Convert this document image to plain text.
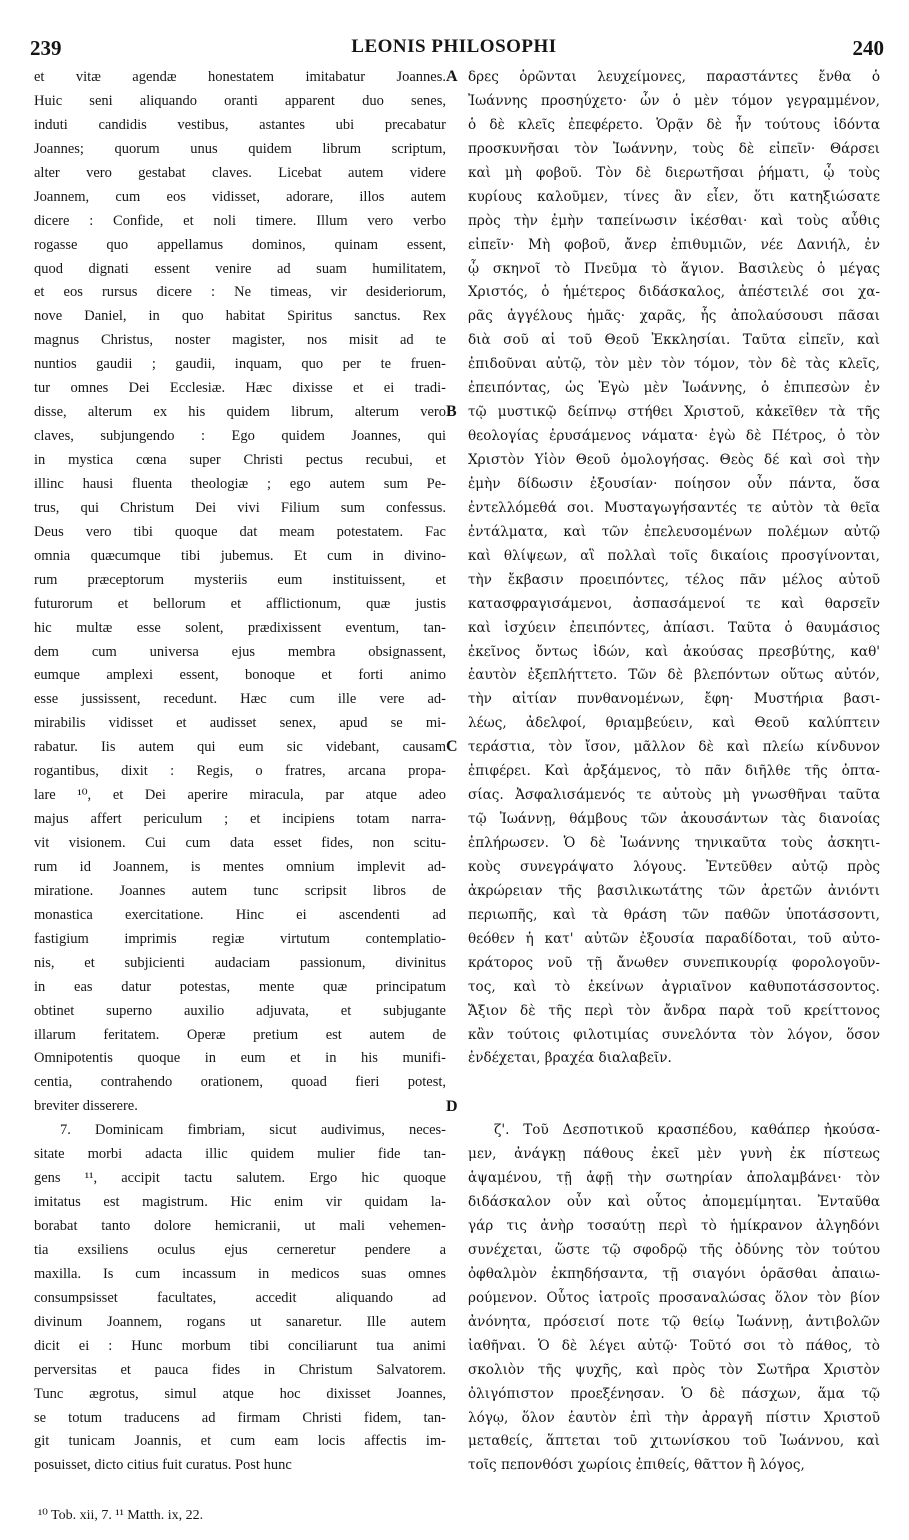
239	LEONIS PHILOSOPHI	240
et vitæ agendæ honestatem imitabatur Joannes.
Huic seni aliquando oranti apparent duo senes,
induti candidis vestibus, astantes ubi precabatur
Joannes; quorum unus quidem librum scriptum,
alter vero gestabat claves. Licebat autem videre
Joannem, cum eos vidisset, adorare, illos autem
dicere : Confide, et noli timere. Illum vero verbo
rogasse quo appellamus dominos, quinam essent,
quod dignati essent venire ad suam humilitatem,
et eos rursus dicere : Ne timeas, vir desideriorum,
nove Daniel, in quo habitat Spiritus sanctus. Rex
magnus Christus, noster magister, nos misit ad te
nuntios gaudii ; gaudii, inquam, quo per te fruen-
tur omnes Dei Ecclesiæ. Hæc dixisse et ei tradi-
disse, alterum ex his quidem librum, alterum vero
claves, subjungendo : Ego quidem Joannes, qui
in mystica cœna super Christi pectus recubui, et
illinc hausi fluenta theologiæ ; ego autem sum Pe-
trus, qui Christum Dei vivi Filium sum confessus.
Deus vero tibi quoque dat meam potestatem. Fac
omnia quæcumque tibi jubemus. Et cum in divino-
rum præceptorum mysteriis eum instituissent, et
futurorum et bellorum et afflictionum, quæ justis
hic multæ esse solent, prædixissent eventum, tan-
dem cum universa ejus membra obsignassent,
eumque amplexi essent, bonoque et forti animo
esse jussissent, recedunt. Hæc cum ille vere ad-
mirabilis vidisset et audisset senex, apud se mi-
rabatur. Iis autem qui eum sic videbant, causam
rogantibus, dixit : Regis, o fratres, arcana propa-
lare ¹⁰, et Dei aperire miracula, par atque adeo
majus affert periculum ; et incipiens totam narra-
vit visionem. Cui cum data esset fides, non scitu-
rum id Joannem, is mentes omnium implevit ad-
miratione. Joannes autem tunc scripsit libros de
monastica exercitatione. Hinc ei ascendenti ad
fastigium imprimis regiæ virtutum contemplatio-
nis, et subjicienti audaciam passionum, divinitus
in eas datur potestas, mente quæ principatum
obtinet superno auxilio adjuvata, et subjugante
illarum feritatem. Operæ pretium est autem de
Omnipotentis quoque in eum et in his munifi-
centia, contrahendo orationem, quoad fieri potest,
breviter disserere.
7. Dominicam fimbriam, sicut audivimus, neces-
sitate morbi adacta illic quidem mulier fide tan-
gens ¹¹, accipit tactu salutem. Ergo hic quoque
imitatus est magistrum. Hic enim vir quidam la-
borabat tanto dolore hemicranii, ut mali vehemen-
tia exsiliens oculus ejus cerneretur pendere a
maxilla. Is cum incassum in medicos suas omnes
consumpsisset facultates, accedit aliquando ad
divinum Joannem, rogans ut sanaretur. Ille autem
dicit ei : Hunc morbum tibi conciliarunt tua animi
perversitas et pauca fides in Christum Salvatorem.
Tunc ægrotus, simul atque hoc dixisset Joannes,
se totum traducens ad firmam Christi fidem, tan-
git tunicam Joannis, et cum eam locis affectis im-
posuisset, dicto citius fuit curatus. Post hunc
δρες ὁρῶνται λευχείμονες, παραστάντες ἔνθα ὁ
Ἰωάννης προσηύχετο· ὧν ὁ μὲν τόμον γεγραμμένον,
ὁ δὲ κλεῖς ἐπεφέρετο. Ὁρᾷν δὲ ἦν τούτους ἰδόντα
προσκυνῆσαι τὸν Ἰωάννην, τοὺς δὲ εἰπεῖν· Θάρσει
καὶ μὴ φοβοῦ. Τὸν δὲ διερωτῆσαι ῥήματι, ᾧ τοὺς
κυρίους καλοῦμεν, τίνες ἂν εἶεν, ὅτι κατηξιώσατε
πρὸς τὴν ἐμὴν ταπείνωσιν ἱκέσθαι· καὶ τοὺς αὖθις
εἰπεῖν· Μὴ φοβοῦ, ἄνερ ἐπιθυμιῶν, νέε Δανιήλ, ἐν
ᾧ σκηνοῖ τὸ Πνεῦμα τὸ ἅγιον. Βασιλεὺς ὁ μέγας
Χριστός, ὁ ἡμέτερος διδάσκαλος, ἀπέστειλέ σοι χα-
ρᾶς ἀγγέλους ἡμᾶς· χαρᾶς, ἧς ἀπολαύσουσι πᾶσαι
διὰ σοῦ αἱ τοῦ Θεοῦ Ἐκκλησίαι. Ταῦτα εἰπεῖν, καὶ
ἐπιδοῦναι αὐτῷ, τὸν μὲν τὸν τόμον, τὸν δὲ τὰς κλεῖς,
ἐπειπόντας, ὡς Ἐγὼ μὲν Ἰωάννης, ὁ ἐπιπεσὼν ἐν
τῷ μυστικῷ δείπνῳ στήθει Χριστοῦ, κἀκεῖθεν τὰ τῆς
θεολογίας ἐρυσάμενος νάματα· ἐγὼ δὲ Πέτρος, ὁ τὸν
Χριστὸν Υἱὸν Θεοῦ ὁμολογήσας. Θεὸς δέ καὶ σοὶ τὴν
ἐμὴν δίδωσιν ἐξουσίαν· ποίησον οὖν πάντα, ὅσα
ἐντελλόμεθά σοι. Μυσταγωγήσαντές τε αὐτὸν τὰ θεῖα
ἐντάλματα, καὶ τῶν ἐπελευσομένων πολέμων αὐτῷ
καὶ θλίψεων, αἳ πολλαὶ τοῖς δικαίοις προσγίνονται,
τὴν ἔκβασιν προειπόντες, τέλος πᾶν μέλος αὐτοῦ
κατασφραγισάμενοι, ἀσπασάμενοί τε καὶ θαρσεῖν
καὶ ἰσχύειν ἐπειπόντες, ἀπίασι. Ταῦτα ὁ θαυμάσιος
ἐκεῖνος ὄντως ἰδών, καὶ ἀκούσας πρεσβύτης, καθ'
ἑαυτὸν ἐξεπλήττετο. Τῶν δὲ βλεπόντων οὕτως αὐτόν,
τὴν αἰτίαν πυνθανομένων, ἔφη· Μυστήρια βασι-
λέως, ἀδελφοί, θριαμβεύειν, καὶ Θεοῦ καλύπτειν
τεράστια, τὸν ἴσον, μᾶλλον δὲ καὶ πλείω κίνδυνον
ἐπιφέρει. Καὶ ἀρξάμενος, τὸ πᾶν διῆλθε τῆς ὀπτα-
σίας. Ἀσφαλισάμενός τε αὐτοὺς μὴ γνωσθῆναι ταῦτα
τῷ Ἰωάννῃ, θάμβους τῶν ἀκουσάντων τὰς διανοίας
ἐπλήρωσεν. Ὁ δὲ Ἰωάννης τηνικαῦτα τοὺς ἀσκητι-
κοὺς συνεγράψατο λόγους. Ἐντεῦθεν αὐτῷ πρὸς
ἀκρώρειαν τῆς βασιλικωτάτης τῶν ἀρετῶν ἀνιόντι
περιωπῆς, καὶ τὰ θράση τῶν παθῶν ὑποτάσσοντι,
θεόθεν ἡ κατ' αὐτῶν ἐξουσία παραδίδοται, τοῦ αὐτο-
κράτορος νοῦ τῇ ἄνωθεν συνεπικουρίᾳ φορολογοῦν-
τος, καὶ τὸ ἐκείνων ἀγριαῖνον καθυποτάσσοντος.
Ἄξιον δὲ τῆς περὶ τὸν ἄνδρα παρὰ τοῦ κρείττονος
κἂν τούτοις φιλοτιμίας συνελόντα τὸν λόγον, ὅσον
ἐνδέχεται, βραχέα διαλαβεῖν.
ζ'. Τοῦ Δεσποτικοῦ κρασπέδου, καθάπερ ἠκούσα-
μεν, ἀνάγκῃ πάθους ἐκεῖ μὲν γυνὴ ἐκ πίστεως
ἁψαμένου, τῇ ἁφῇ τὴν σωτηρίαν ἀπολαμβάνει· τὸν
διδάσκαλον οὖν καὶ οὗτος ἀπομεμίμηται. Ἐνταῦθα
γάρ τις ἀνὴρ τοσαύτῃ περὶ τὸ ἡμίκρανον ἀλγηδόνι
συνέχεται, ὥστε τῷ σφοδρῷ τῆς ὀδύνης τὸν τούτου
ὀφθαλμὸν ἐκπηδήσαντα, τῇ σιαγόνι ὁρᾶσθαι ἀπαιω-
ρούμενον. Οὗτος ἰατροῖς προσαναλώσας ὅλον τὸν βίον
ἀνόνητα, πρόσεισί ποτε τῷ θείῳ Ἰωάννῃ, ἀντιβολῶν
ἰαθῆναι. Ὁ δὲ λέγει αὐτῷ· Τοῦτό σοι τὸ πάθος, τὸ
σκολιὸν τῆς ψυχῆς, καὶ πρὸς τὸν Σωτῆρα Χριστὸν
ὀλιγόπιστον προεξένησαν. Ὁ δὲ πάσχων, ἅμα τῷ
λόγῳ, ὅλον ἑαυτὸν ἐπὶ τὴν ἀρραγῆ πίστιν Χριστοῦ
μεταθείς, ἅπτεται τοῦ χιτωνίσκου τοῦ Ἰωάννου, καὶ
τοῖς πεπονθόσι χωρίοις ἐπιθείς, θᾶττον ἢ λόγος,
A
B
C
D
¹⁰ Tob. xii, 7. ¹¹ Matth. ix, 22.
